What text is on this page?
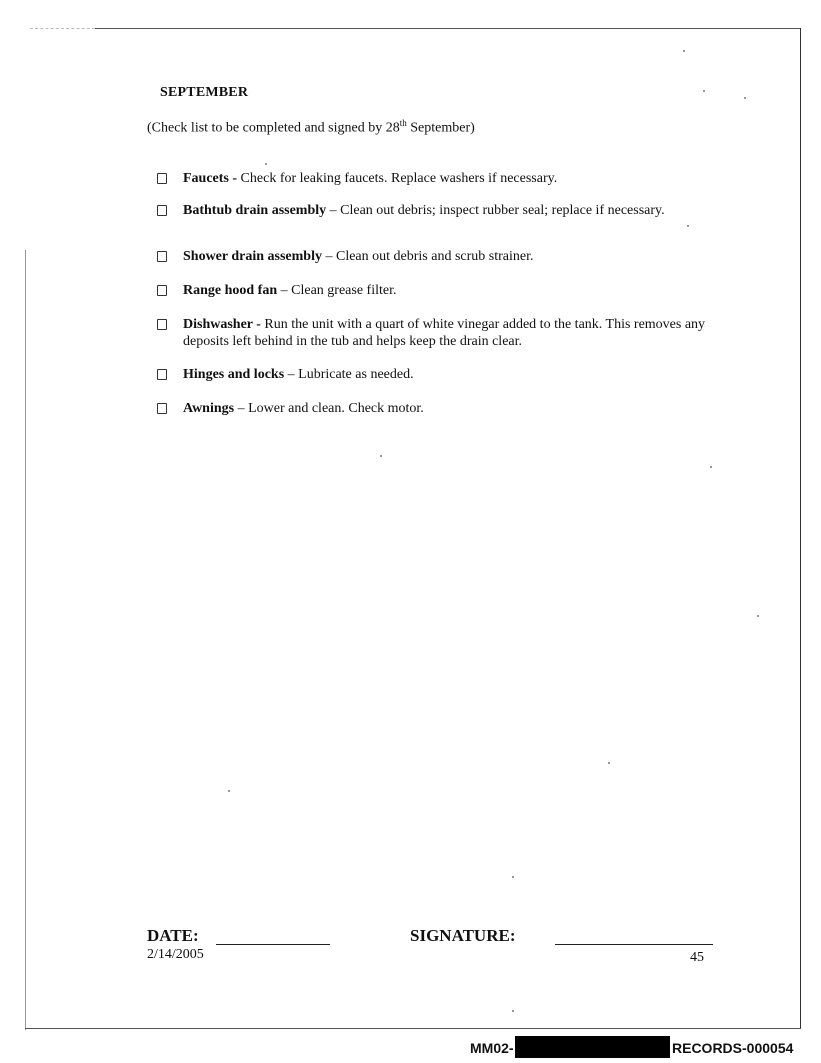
SEPTEMBER
(Check list to be completed and signed by 28th September)
Faucets - Check for leaking faucets. Replace washers if necessary.
Bathtub drain assembly – Clean out debris; inspect rubber seal; replace if necessary.
Shower drain assembly – Clean out debris and scrub strainer.
Range hood fan – Clean grease filter.
Dishwasher - Run the unit with a quart of white vinegar added to the tank. This removes any deposits left behind in the tub and helps keep the drain clear.
Hinges and locks – Lubricate as needed.
Awnings – Lower and clean. Check motor.
DATE:
2/14/2005
SIGNATURE:
45
MM02-	RECORDS-000054
